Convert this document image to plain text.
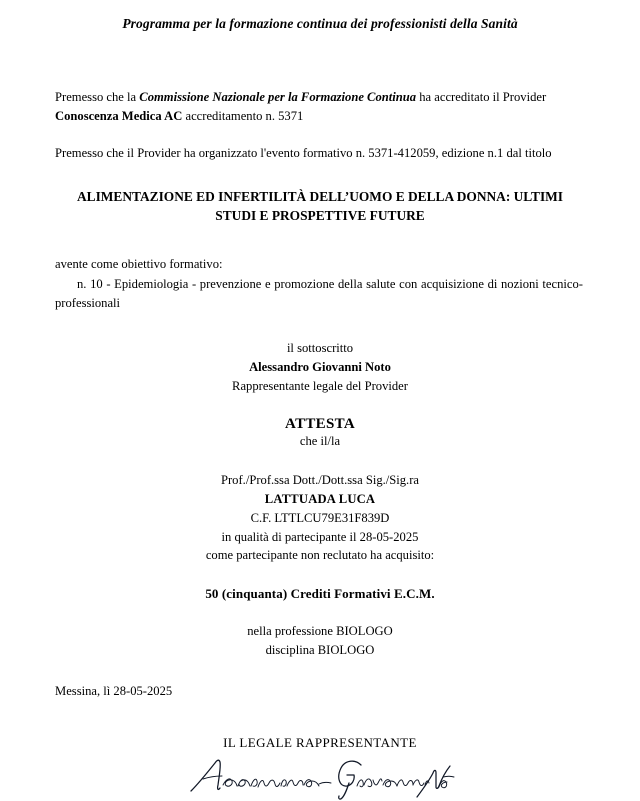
Programma per la formazione continua dei professionisti della Sanità
Premesso che la Commissione Nazionale per la Formazione Continua ha accreditato il Provider
Conoscenza Medica AC accreditamento n. 5371
Premesso che il Provider ha organizzato l'evento formativo n. 5371-412059, edizione n.1 dal titolo
ALIMENTAZIONE ED INFERTILITÀ DELL’UOMO E DELLA DONNA: ULTIMI STUDI E PROSPETTIVE FUTURE
avente come obiettivo formativo:
n. 10 - Epidemiologia - prevenzione e promozione della salute con acquisizione di nozioni tecnico-professionali
il sottoscritto
Alessandro Giovanni Noto
Rappresentante legale del Provider
ATTESTA
che il/la
Prof./Prof.ssa Dott./Dott.ssa Sig./Sig.ra
LATTUADA LUCA
C.F. LTTLCU79E31F839D
in qualità di partecipante il 28-05-2025
come partecipante non reclutato ha acquisito:
50 (cinquanta) Crediti Formativi E.C.M.
nella professione BIOLOGO
disciplina BIOLOGO
Messina, lì 28-05-2025
IL LEGALE RAPPRESENTANTE
